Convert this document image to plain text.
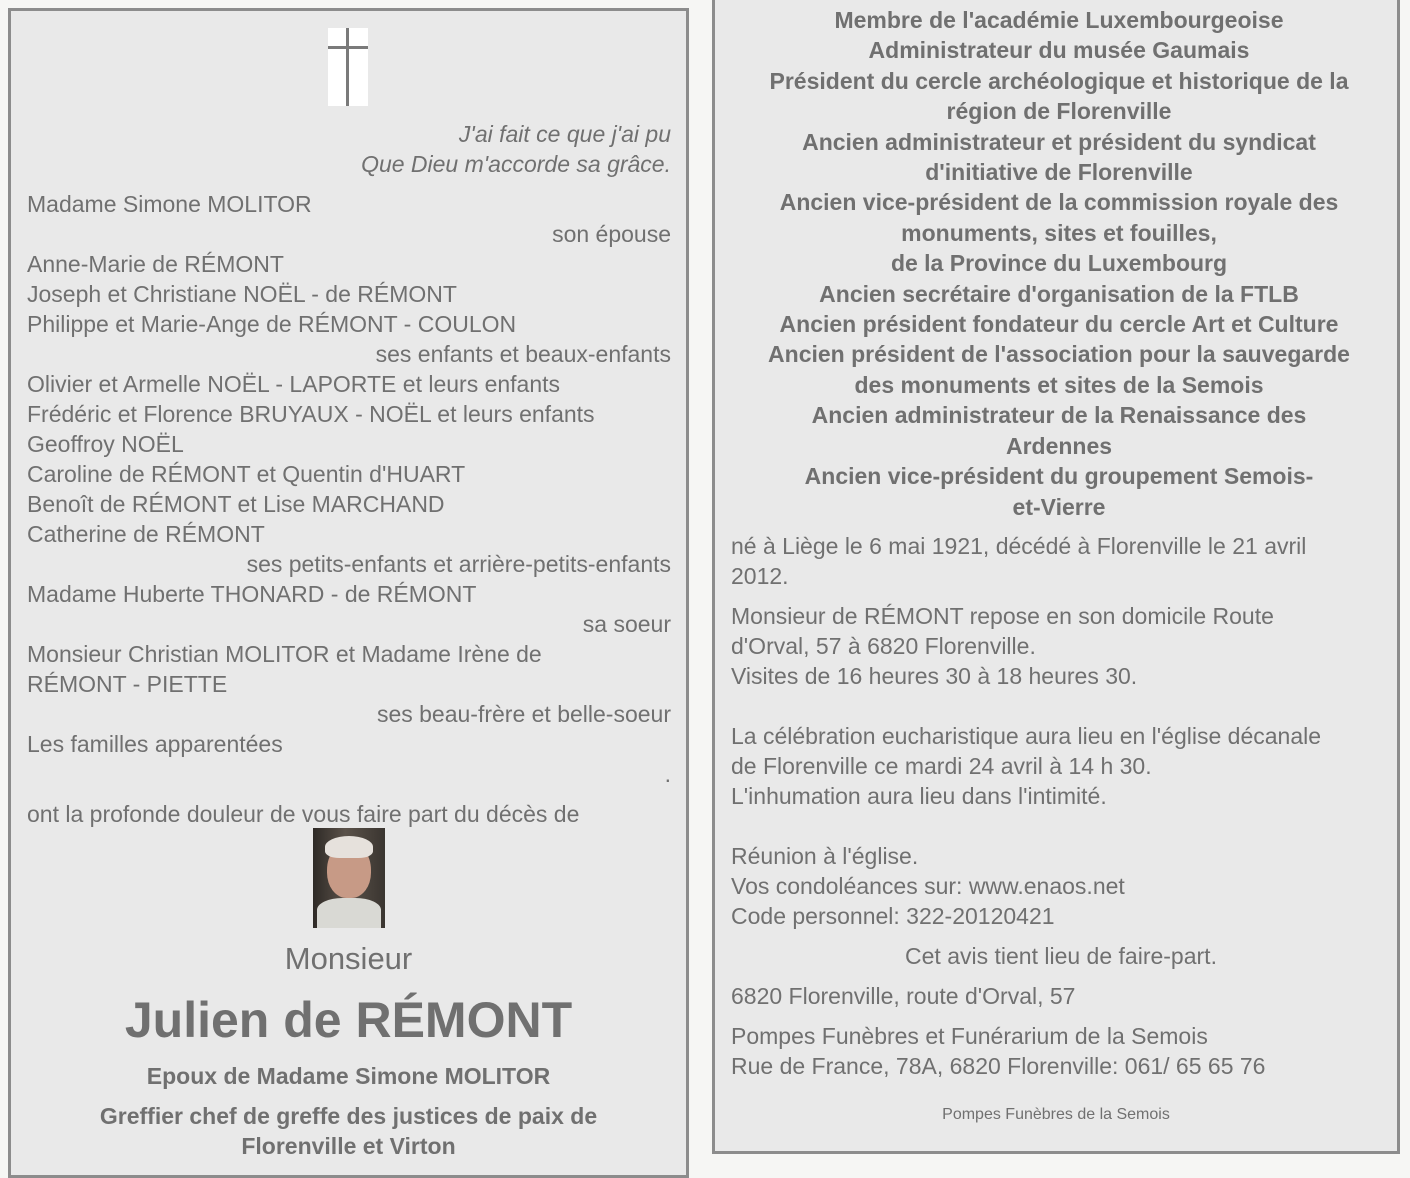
J'ai fait ce que j'ai pu
Que Dieu m'accorde sa grâce.
Madame Simone MOLITOR
son épouse
Anne-Marie de RÉMONT
Joseph et Christiane NOËL - de RÉMONT
Philippe et Marie-Ange de RÉMONT - COULON
ses enfants et beaux-enfants
Olivier et Armelle NOËL - LAPORTE et leurs enfants
Frédéric et Florence BRUYAUX - NOËL et leurs enfants
Geoffroy NOËL
Caroline de RÉMONT et Quentin d'HUART
Benoît de RÉMONT et Lise MARCHAND
Catherine de RÉMONT
ses petits-enfants et arrière-petits-enfants
Madame Huberte THONARD - de RÉMONT
sa soeur
Monsieur Christian MOLITOR et Madame Irène de
RÉMONT - PIETTE
ses beau-frère et belle-soeur
Les familles apparentées
.
ont la profonde douleur de vous faire part du décès de
Monsieur
Julien de RÉMONT
Epoux de Madame Simone MOLITOR
Greffier chef de greffe des justices de paix de
Florenville et Virton
Membre de l'académie Luxembourgeoise
Administrateur du musée Gaumais
Président du cercle archéologique et historique de la
région de Florenville
Ancien administrateur et président du syndicat
d'initiative de Florenville
Ancien vice-président de la commission royale des
monuments, sites et fouilles,
de la Province du Luxembourg
Ancien secrétaire d'organisation de la FTLB
Ancien président fondateur du cercle Art et Culture
Ancien président de l'association pour la sauvegarde
des monuments et sites de la Semois
Ancien administrateur de la Renaissance des
Ardennes
Ancien vice-président du groupement Semois-
et-Vierre
né à Liège le 6 mai 1921, décédé à Florenville le 21 avril
2012.
Monsieur de RÉMONT repose en son domicile Route
d'Orval, 57 à 6820 Florenville.
Visites de 16 heures 30 à 18 heures 30.
La célébration eucharistique aura lieu en l'église décanale
de Florenville ce mardi 24 avril à 14 h 30.
L'inhumation aura lieu dans l'intimité.
Réunion à l'église.
Vos condoléances sur: www.enaos.net
Code personnel: 322-20120421
Cet avis tient lieu de faire-part.
6820 Florenville, route d'Orval, 57
Pompes Funèbres et Funérarium de la Semois
Rue de France, 78A, 6820 Florenville: 061/ 65 65 76
Pompes Funèbres de la Semois
